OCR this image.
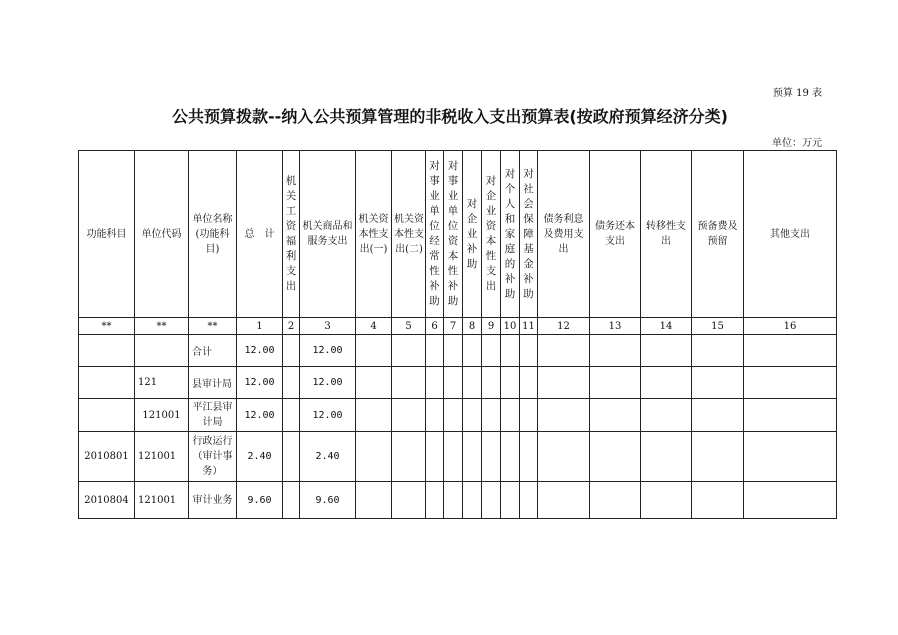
预算 19 表
公共预算拨款--纳入公共预算管理的非税收入支出预算表(按政府预算经济分类)
单位：万元
功能科目	单位代码	单位名称(功能科目)	总　计	机关工资福利支出	机关商品和服务支出	机关资本性支出(一)	机关资本性支出(二)	对事业单位经常性补助	对事业单位资本性补助	对企业补助	对企业资本性支出	对个人和家庭的补助	对社会保障基金补助	债务利息及费用支出	债务还本支出	转移性支出	预备费及预留	其他支出
**	**	**	1	2	3	4	5	6	7	8	9	10	11	12	13	14	15	16
		合计	12.00		12.00													
	121	县审计局	12.00		12.00													
	121001	平江县审计局	12.00		12.00													
2010801	121001	行政运行（审计事务）	2.40		2.40													
2010804	121001	审计业务	9.60		9.60													
